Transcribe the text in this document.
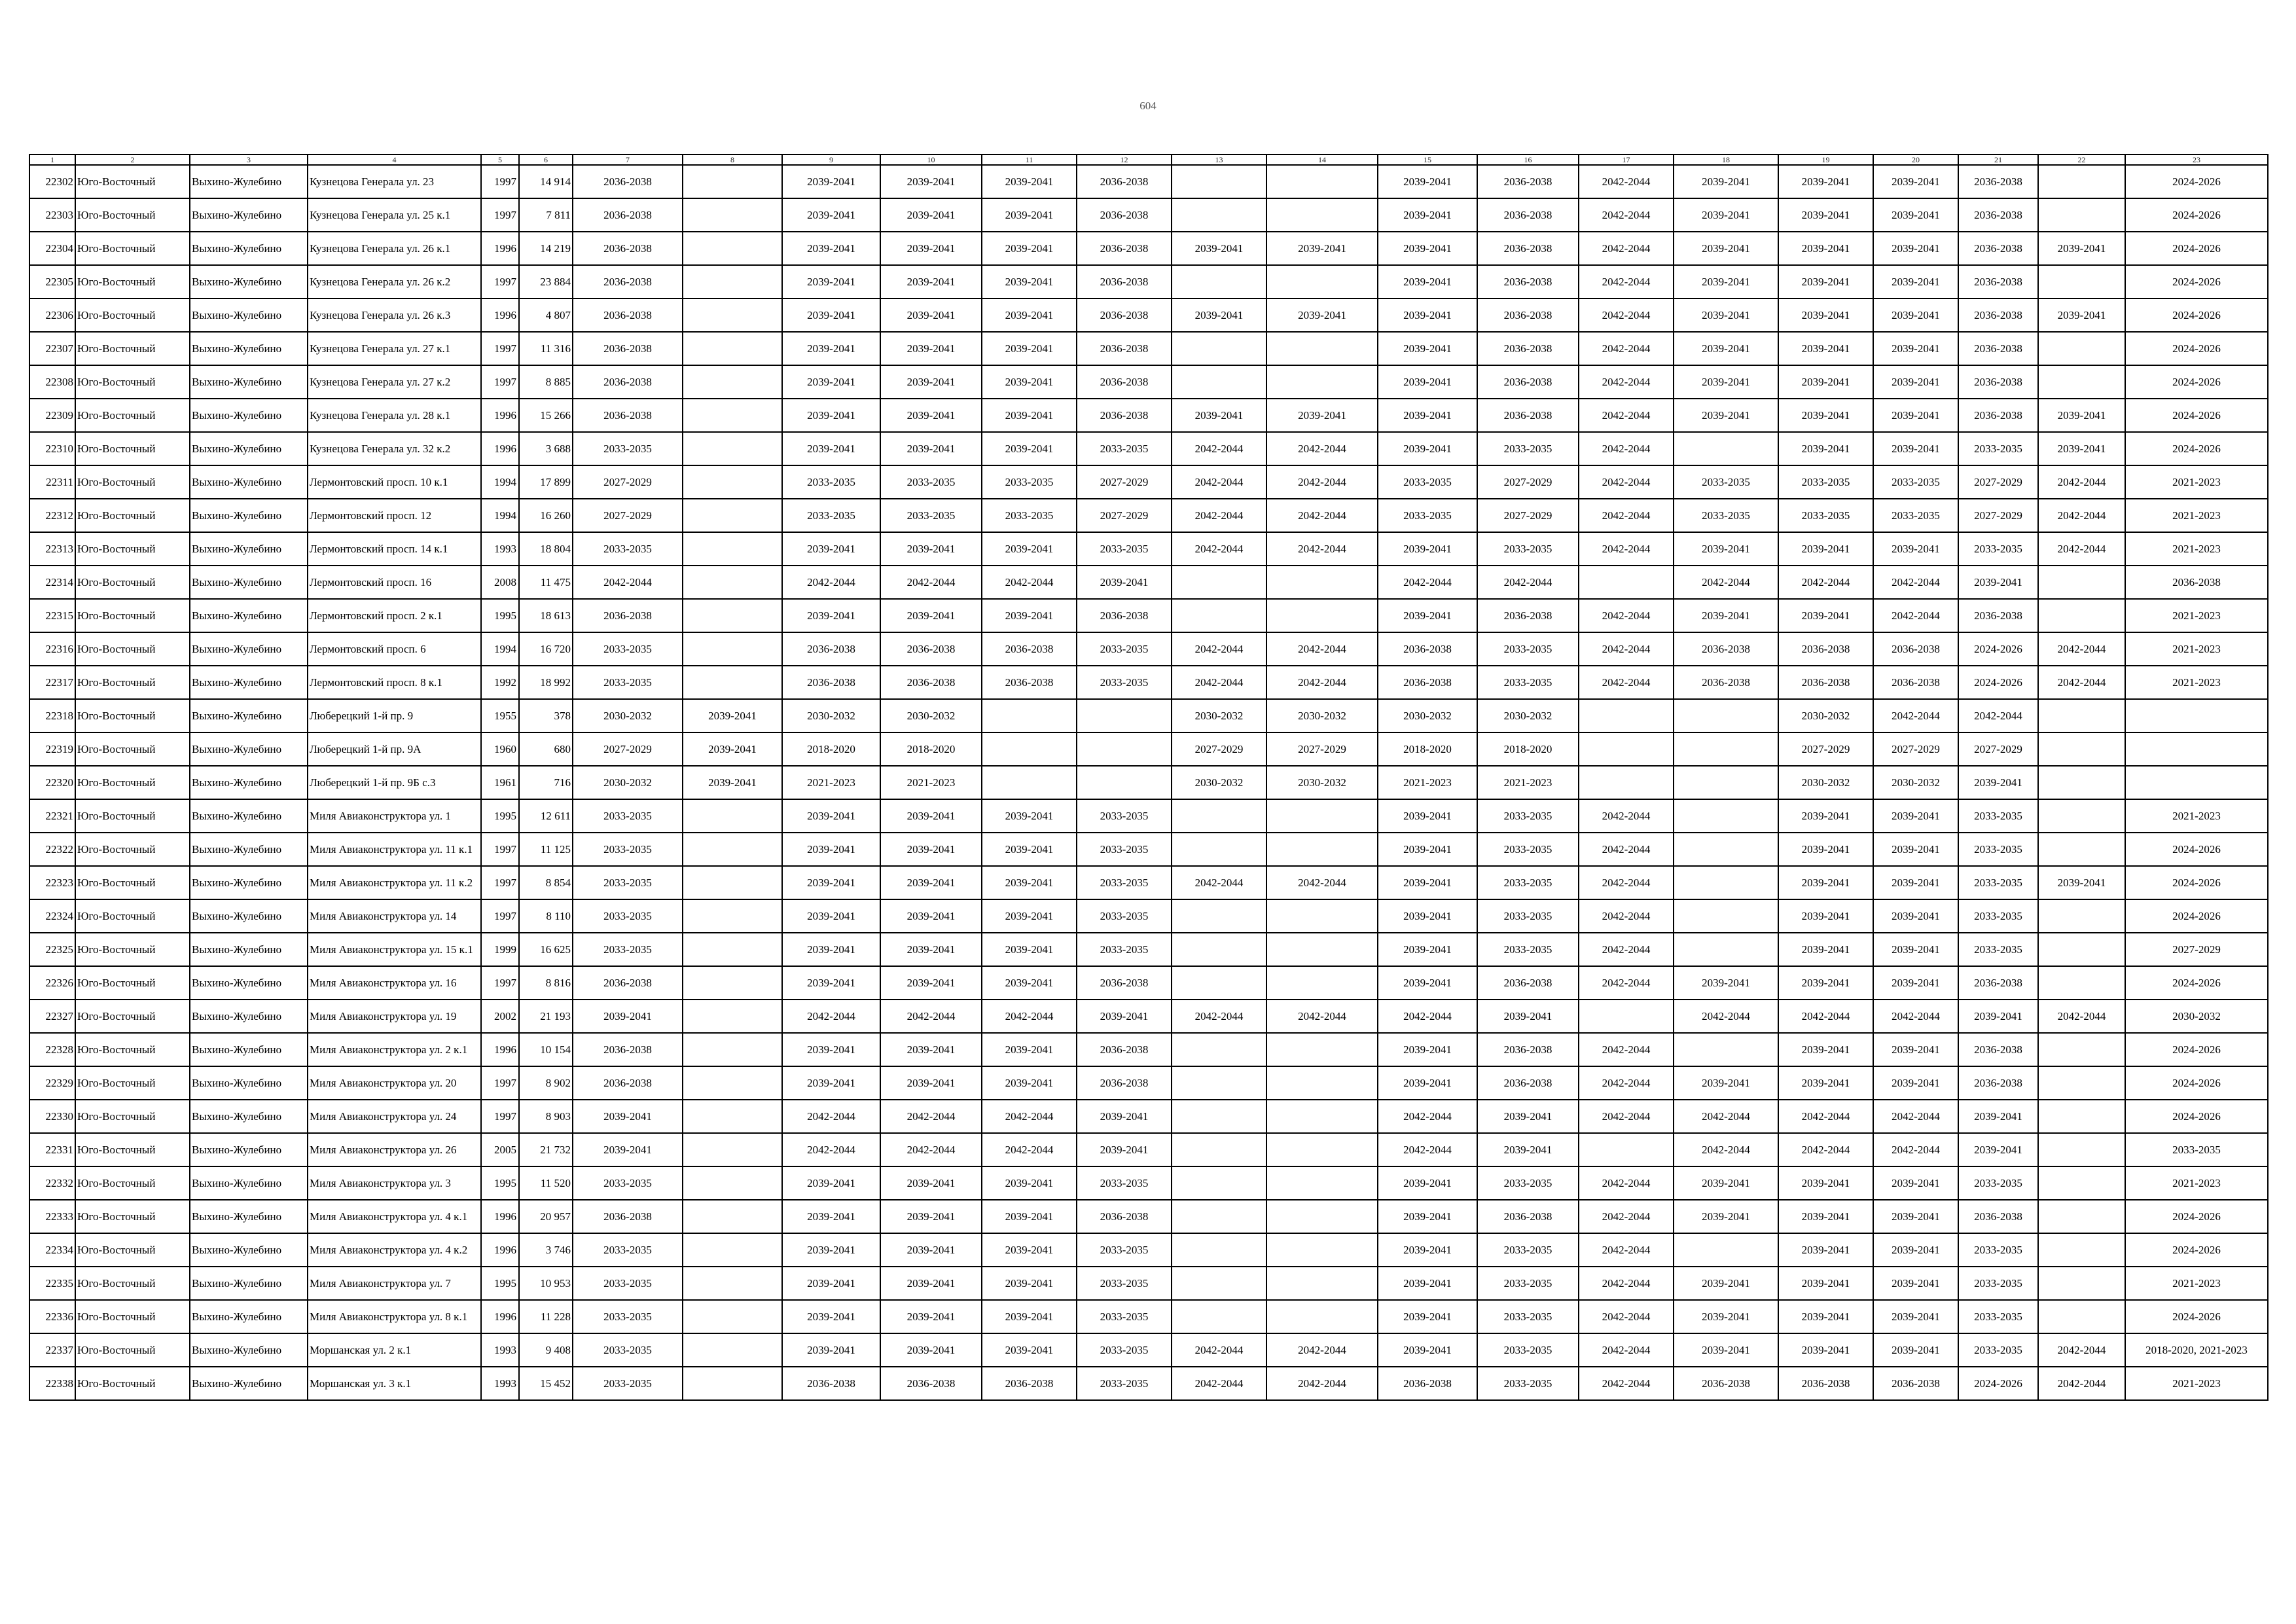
604
1	2	3	4	5	6	7	8	9	10	11	12	13	14	15	16	17	18	19	20	21	22	23
22302	Юго-Восточный	Выхино-Жулебино	Кузнецова Генерала ул. 23	1997	14 914	2036-2038		2039-2041	2039-2041	2039-2041	2036-2038			2039-2041	2036-2038	2042-2044	2039-2041	2039-2041	2039-2041	2036-2038		2024-2026
22303	Юго-Восточный	Выхино-Жулебино	Кузнецова Генерала ул. 25 к.1	1997	7 811	2036-2038		2039-2041	2039-2041	2039-2041	2036-2038			2039-2041	2036-2038	2042-2044	2039-2041	2039-2041	2039-2041	2036-2038		2024-2026
22304	Юго-Восточный	Выхино-Жулебино	Кузнецова Генерала ул. 26 к.1	1996	14 219	2036-2038		2039-2041	2039-2041	2039-2041	2036-2038	2039-2041	2039-2041	2039-2041	2036-2038	2042-2044	2039-2041	2039-2041	2039-2041	2036-2038	2039-2041	2024-2026
22305	Юго-Восточный	Выхино-Жулебино	Кузнецова Генерала ул. 26 к.2	1997	23 884	2036-2038		2039-2041	2039-2041	2039-2041	2036-2038			2039-2041	2036-2038	2042-2044	2039-2041	2039-2041	2039-2041	2036-2038		2024-2026
22306	Юго-Восточный	Выхино-Жулебино	Кузнецова Генерала ул. 26 к.3	1996	4 807	2036-2038		2039-2041	2039-2041	2039-2041	2036-2038	2039-2041	2039-2041	2039-2041	2036-2038	2042-2044	2039-2041	2039-2041	2039-2041	2036-2038	2039-2041	2024-2026
22307	Юго-Восточный	Выхино-Жулебино	Кузнецова Генерала ул. 27 к.1	1997	11 316	2036-2038		2039-2041	2039-2041	2039-2041	2036-2038			2039-2041	2036-2038	2042-2044	2039-2041	2039-2041	2039-2041	2036-2038		2024-2026
22308	Юго-Восточный	Выхино-Жулебино	Кузнецова Генерала ул. 27 к.2	1997	8 885	2036-2038		2039-2041	2039-2041	2039-2041	2036-2038			2039-2041	2036-2038	2042-2044	2039-2041	2039-2041	2039-2041	2036-2038		2024-2026
22309	Юго-Восточный	Выхино-Жулебино	Кузнецова Генерала ул. 28 к.1	1996	15 266	2036-2038		2039-2041	2039-2041	2039-2041	2036-2038	2039-2041	2039-2041	2039-2041	2036-2038	2042-2044	2039-2041	2039-2041	2039-2041	2036-2038	2039-2041	2024-2026
22310	Юго-Восточный	Выхино-Жулебино	Кузнецова Генерала ул. 32 к.2	1996	3 688	2033-2035		2039-2041	2039-2041	2039-2041	2033-2035	2042-2044	2042-2044	2039-2041	2033-2035	2042-2044		2039-2041	2039-2041	2033-2035	2039-2041	2024-2026
22311	Юго-Восточный	Выхино-Жулебино	Лермонтовский просп. 10 к.1	1994	17 899	2027-2029		2033-2035	2033-2035	2033-2035	2027-2029	2042-2044	2042-2044	2033-2035	2027-2029	2042-2044	2033-2035	2033-2035	2033-2035	2027-2029	2042-2044	2021-2023
22312	Юго-Восточный	Выхино-Жулебино	Лермонтовский просп. 12	1994	16 260	2027-2029		2033-2035	2033-2035	2033-2035	2027-2029	2042-2044	2042-2044	2033-2035	2027-2029	2042-2044	2033-2035	2033-2035	2033-2035	2027-2029	2042-2044	2021-2023
22313	Юго-Восточный	Выхино-Жулебино	Лермонтовский просп. 14 к.1	1993	18 804	2033-2035		2039-2041	2039-2041	2039-2041	2033-2035	2042-2044	2042-2044	2039-2041	2033-2035	2042-2044	2039-2041	2039-2041	2039-2041	2033-2035	2042-2044	2021-2023
22314	Юго-Восточный	Выхино-Жулебино	Лермонтовский просп. 16	2008	11 475	2042-2044		2042-2044	2042-2044	2042-2044	2039-2041			2042-2044	2042-2044		2042-2044	2042-2044	2042-2044	2039-2041		2036-2038
22315	Юго-Восточный	Выхино-Жулебино	Лермонтовский просп. 2 к.1	1995	18 613	2036-2038		2039-2041	2039-2041	2039-2041	2036-2038			2039-2041	2036-2038	2042-2044	2039-2041	2039-2041	2042-2044	2036-2038		2021-2023
22316	Юго-Восточный	Выхино-Жулебино	Лермонтовский просп. 6	1994	16 720	2033-2035		2036-2038	2036-2038	2036-2038	2033-2035	2042-2044	2042-2044	2036-2038	2033-2035	2042-2044	2036-2038	2036-2038	2036-2038	2024-2026	2042-2044	2021-2023
22317	Юго-Восточный	Выхино-Жулебино	Лермонтовский просп. 8 к.1	1992	18 992	2033-2035		2036-2038	2036-2038	2036-2038	2033-2035	2042-2044	2042-2044	2036-2038	2033-2035	2042-2044	2036-2038	2036-2038	2036-2038	2024-2026	2042-2044	2021-2023
22318	Юго-Восточный	Выхино-Жулебино	Люберецкий 1-й пр. 9	1955	378	2030-2032	2039-2041	2030-2032	2030-2032			2030-2032	2030-2032	2030-2032	2030-2032			2030-2032	2042-2044	2042-2044		
22319	Юго-Восточный	Выхино-Жулебино	Люберецкий 1-й пр. 9А	1960	680	2027-2029	2039-2041	2018-2020	2018-2020			2027-2029	2027-2029	2018-2020	2018-2020			2027-2029	2027-2029	2027-2029		
22320	Юго-Восточный	Выхино-Жулебино	Люберецкий 1-й пр. 9Б с.3	1961	716	2030-2032	2039-2041	2021-2023	2021-2023			2030-2032	2030-2032	2021-2023	2021-2023			2030-2032	2030-2032	2039-2041		
22321	Юго-Восточный	Выхино-Жулебино	Миля Авиаконструктора ул. 1	1995	12 611	2033-2035		2039-2041	2039-2041	2039-2041	2033-2035			2039-2041	2033-2035	2042-2044		2039-2041	2039-2041	2033-2035		2021-2023
22322	Юго-Восточный	Выхино-Жулебино	Миля Авиаконструктора ул. 11 к.1	1997	11 125	2033-2035		2039-2041	2039-2041	2039-2041	2033-2035			2039-2041	2033-2035	2042-2044		2039-2041	2039-2041	2033-2035		2024-2026
22323	Юго-Восточный	Выхино-Жулебино	Миля Авиаконструктора ул. 11 к.2	1997	8 854	2033-2035		2039-2041	2039-2041	2039-2041	2033-2035	2042-2044	2042-2044	2039-2041	2033-2035	2042-2044		2039-2041	2039-2041	2033-2035	2039-2041	2024-2026
22324	Юго-Восточный	Выхино-Жулебино	Миля Авиаконструктора ул. 14	1997	8 110	2033-2035		2039-2041	2039-2041	2039-2041	2033-2035			2039-2041	2033-2035	2042-2044		2039-2041	2039-2041	2033-2035		2024-2026
22325	Юго-Восточный	Выхино-Жулебино	Миля Авиаконструктора ул. 15 к.1	1999	16 625	2033-2035		2039-2041	2039-2041	2039-2041	2033-2035			2039-2041	2033-2035	2042-2044		2039-2041	2039-2041	2033-2035		2027-2029
22326	Юго-Восточный	Выхино-Жулебино	Миля Авиаконструктора ул. 16	1997	8 816	2036-2038		2039-2041	2039-2041	2039-2041	2036-2038			2039-2041	2036-2038	2042-2044	2039-2041	2039-2041	2039-2041	2036-2038		2024-2026
22327	Юго-Восточный	Выхино-Жулебино	Миля Авиаконструктора ул. 19	2002	21 193	2039-2041		2042-2044	2042-2044	2042-2044	2039-2041	2042-2044	2042-2044	2042-2044	2039-2041		2042-2044	2042-2044	2042-2044	2039-2041	2042-2044	2030-2032
22328	Юго-Восточный	Выхино-Жулебино	Миля Авиаконструктора ул. 2 к.1	1996	10 154	2036-2038		2039-2041	2039-2041	2039-2041	2036-2038			2039-2041	2036-2038	2042-2044		2039-2041	2039-2041	2036-2038		2024-2026
22329	Юго-Восточный	Выхино-Жулебино	Миля Авиаконструктора ул. 20	1997	8 902	2036-2038		2039-2041	2039-2041	2039-2041	2036-2038			2039-2041	2036-2038	2042-2044	2039-2041	2039-2041	2039-2041	2036-2038		2024-2026
22330	Юго-Восточный	Выхино-Жулебино	Миля Авиаконструктора ул. 24	1997	8 903	2039-2041		2042-2044	2042-2044	2042-2044	2039-2041			2042-2044	2039-2041	2042-2044	2042-2044	2042-2044	2042-2044	2039-2041		2024-2026
22331	Юго-Восточный	Выхино-Жулебино	Миля Авиаконструктора ул. 26	2005	21 732	2039-2041		2042-2044	2042-2044	2042-2044	2039-2041			2042-2044	2039-2041		2042-2044	2042-2044	2042-2044	2039-2041		2033-2035
22332	Юго-Восточный	Выхино-Жулебино	Миля Авиаконструктора ул. 3	1995	11 520	2033-2035		2039-2041	2039-2041	2039-2041	2033-2035			2039-2041	2033-2035	2042-2044	2039-2041	2039-2041	2039-2041	2033-2035		2021-2023
22333	Юго-Восточный	Выхино-Жулебино	Миля Авиаконструктора ул. 4 к.1	1996	20 957	2036-2038		2039-2041	2039-2041	2039-2041	2036-2038			2039-2041	2036-2038	2042-2044	2039-2041	2039-2041	2039-2041	2036-2038		2024-2026
22334	Юго-Восточный	Выхино-Жулебино	Миля Авиаконструктора ул. 4 к.2	1996	3 746	2033-2035		2039-2041	2039-2041	2039-2041	2033-2035			2039-2041	2033-2035	2042-2044		2039-2041	2039-2041	2033-2035		2024-2026
22335	Юго-Восточный	Выхино-Жулебино	Миля Авиаконструктора ул. 7	1995	10 953	2033-2035		2039-2041	2039-2041	2039-2041	2033-2035			2039-2041	2033-2035	2042-2044	2039-2041	2039-2041	2039-2041	2033-2035		2021-2023
22336	Юго-Восточный	Выхино-Жулебино	Миля Авиаконструктора ул. 8 к.1	1996	11 228	2033-2035		2039-2041	2039-2041	2039-2041	2033-2035			2039-2041	2033-2035	2042-2044	2039-2041	2039-2041	2039-2041	2033-2035		2024-2026
22337	Юго-Восточный	Выхино-Жулебино	Моршанская ул. 2 к.1	1993	9 408	2033-2035		2039-2041	2039-2041	2039-2041	2033-2035	2042-2044	2042-2044	2039-2041	2033-2035	2042-2044	2039-2041	2039-2041	2039-2041	2033-2035	2042-2044	2018-2020, 2021-2023
22338	Юго-Восточный	Выхино-Жулебино	Моршанская ул. 3 к.1	1993	15 452	2033-2035		2036-2038	2036-2038	2036-2038	2033-2035	2042-2044	2042-2044	2036-2038	2033-2035	2042-2044	2036-2038	2036-2038	2036-2038	2024-2026	2042-2044	2021-2023
